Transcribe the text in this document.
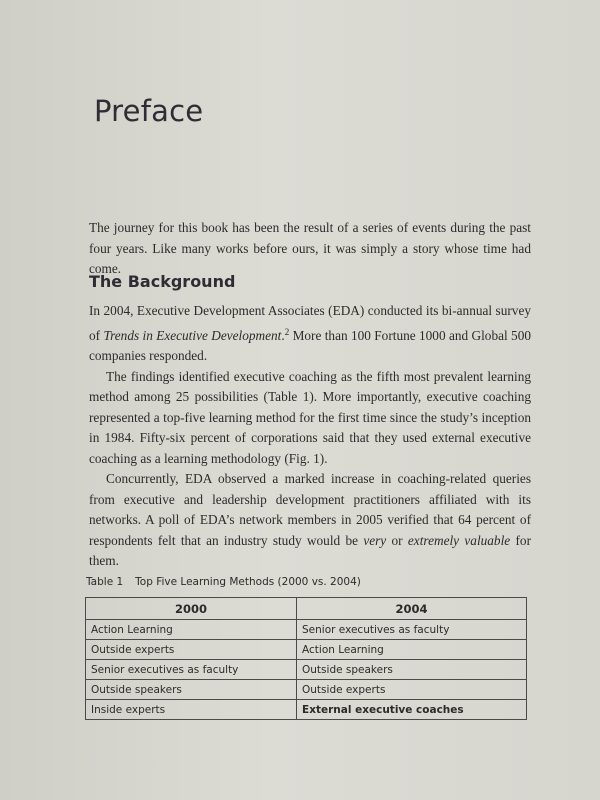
Preface

The journey for this book has been the result of a series of events during the past four years. Like many works before ours, it was simply a story whose time had come.

The Background

In 2004, Executive Development Associates (EDA) conducted its bi-annual survey of Trends in Executive Development.$^2$ More than 100 Fortune 1000 and Global 500 companies responded.

The findings identified executive coaching as the fifth most prevalent learning method among 25 possibilities (Table 1). More importantly, executive coaching represented a top-five learning method for the first time since the study’s inception in 1984. Fifty-six percent of corporations said that they used external executive coaching as a learning methodology (Fig. 1).

Concurrently, EDA observed a marked increase in coaching-related queries from executive and leadership development practitioners affiliated with its networks. A poll of EDA’s network members in 2005 verified that 64 percent of respondents felt that an industry study would be very or extremely valuable for them.

Table 1 Top Five Learning Methods (2000 vs. 2004)

2000	2004
Action Learning	Senior executives as faculty
Outside experts	Action Learning
Senior executives as faculty	Outside speakers
Outside speakers	Outside experts
Inside experts	External executive coaches
